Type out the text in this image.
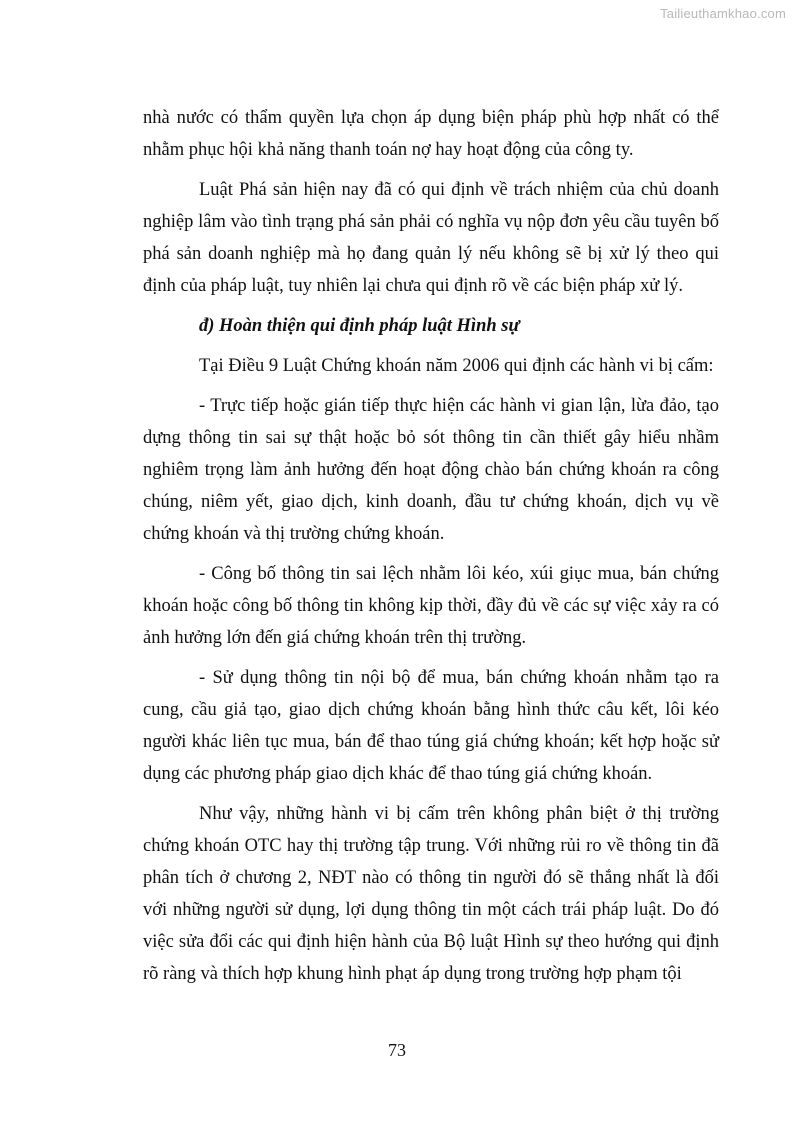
Tailieuthamkhao.com

nhà nước có thẩm quyền lựa chọn áp dụng biện pháp phù hợp nhất có thể nhằm phục hội khả năng thanh toán nợ hay hoạt động của công ty.

Luật Phá sản hiện nay đã có qui định về trách nhiệm của chủ doanh nghiệp lâm vào tình trạng phá sản phải có nghĩa vụ nộp đơn yêu cầu tuyên bố phá sản doanh nghiệp mà họ đang quản lý nếu không sẽ bị xử lý theo qui định của pháp luật, tuy nhiên lại chưa qui định rõ về các biện pháp xử lý.

đ) Hoàn thiện qui định pháp luật Hình sự

Tại Điều 9 Luật Chứng khoán năm 2006 qui định các hành vi bị cấm:

- Trực tiếp hoặc gián tiếp thực hiện các hành vi gian lận, lừa đảo, tạo dựng thông tin sai sự thật hoặc bỏ sót thông tin cần thiết gây hiểu nhầm nghiêm trọng làm ảnh hưởng đến hoạt động chào bán chứng khoán ra công chúng, niêm yết, giao dịch, kinh doanh, đầu tư chứng khoán, dịch vụ về chứng khoán và thị trường chứng khoán.

- Công bố thông tin sai lệch nhằm lôi kéo, xúi giục mua, bán chứng khoán hoặc công bố thông tin không kịp thời, đầy đủ về các sự việc xảy ra có ảnh hưởng lớn đến giá chứng khoán trên thị trường.

- Sử dụng thông tin nội bộ để mua, bán chứng khoán nhằm tạo ra cung, cầu giả tạo, giao dịch chứng khoán bằng hình thức câu kết, lôi kéo người khác liên tục mua, bán để thao túng giá chứng khoán; kết hợp hoặc sử dụng các phương pháp giao dịch khác để thao túng giá chứng khoán.

Như vậy, những hành vi bị cấm trên không phân biệt ở thị trường chứng khoán OTC hay thị trường tập trung. Với những rủi ro về thông tin đã phân tích ở chương 2, NĐT nào có thông tin người đó sẽ thắng nhất là đối với những người sử dụng, lợi dụng thông tin một cách trái pháp luật. Do đó việc sửa đổi các qui định hiện hành của Bộ luật Hình sự theo hướng qui định rõ ràng và thích hợp khung hình phạt áp dụng trong trường hợp phạm tội

73
